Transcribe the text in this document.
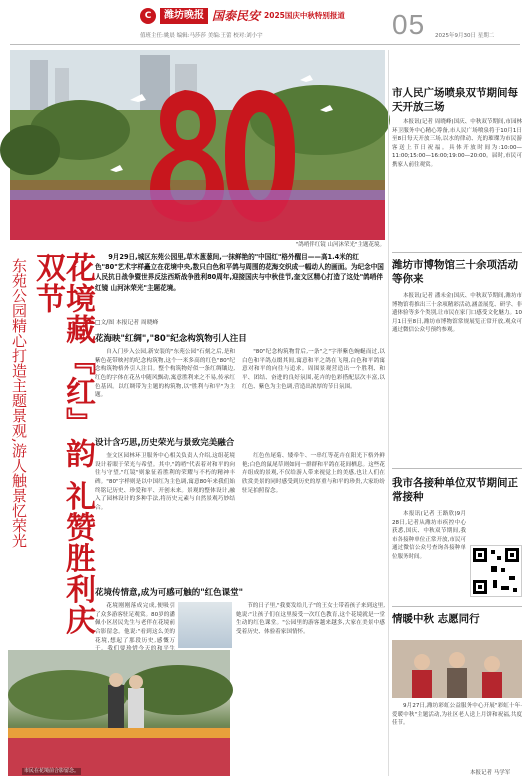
C	潍坊晚报 国泰民安 2025国庆中秋特别报道 05
值班主任:姚晨 编辑:马莎莎 美编:王蕾 校对:刘小宇	2025年9月30日 星期二
"鸽哨伴红镜 山河沐荣光"主题花境。
花境藏『红』韵 礼赞胜利庆双节
东苑公园精心打造主题景观,游人触景忆荣光
9月29日,城区东苑公园里,草木葱葱间,一抹鲜艳的"中国红"格外醒目——高1.4米的红色"80"艺术字样矗立在花境中央,数只白色和平鸽与周围的花海交织成一幅动人的画面。为纪念中国人民抗日战争暨世界反法西斯战争胜利80周年,迎接国庆与中秋佳节,奎文区精心打造了这处"鸽哨伴红镜 山河沐荣光"主题花境。
□文/图 本报记者 周晓峰
花海映"红绸","80"纪念构筑物引人注目
自入门步入公园,新安装的"东苑公园"石刻之后,是和紫色花带映衬的纪念构筑物,这个一米多高的红色"80"纪念构筑物格外引人注目。整个构筑物好似一条红绸镶边,红色的字体在花丛中随风飘动,寓意胜利来之不易,传承红色基因。以红绸带为主题的构筑物,以"胜利与和平"为主题。
"80"纪念构筑物背后,一条"之"字形紫色蜿蜒而过,以白色和平鸽点缀其间,寓意和平之鸽在飞翔,白色和平鸽寓意对和平的向往与追求。周围景观营造出一个胜利、和平、团结、奋进的良好氛围,花卉的色彩搭配层次丰富,以红色、紫色为主色调,营造出浓厚的节日氛围。
设计含巧思,历史荣光与景致完美融合
奎文区园林环卫服务中心相关负责人介绍,这组花境设计着眼于荣光与希望。其中,"鸽哨"代表着对和平的向往与守望,"红镜"则象征着胜利的荣耀与不朽的精神丰碑。"80"字样则是以中国红为主色调,寓意80年来我们始终铭记历史、珍爱和平、开创未来。景观的整体设计,融入了园林设计的多种手法,将历史元素与自然景观巧妙结合。
红色鱼尾菊、矮牵牛、一串红等花卉在阳光下格外鲜艳;白色的鼠尾草则如同一群群和平鸽在花间栖息。这些花卉组成的景观,不仅给游人带来视觉上的美感,也让人们在欣赏美景的同时感受到历史的厚重与和平的珍贵,大家纷纷驻足拍照留念。
花境传情意,成为可感可触的"红色课堂"
花境刚刚落成完成,便吸引了众多游客驻足观赏。80岁的潘佩小区居民先生与老伴在花境前合影留念。他说:"看到这么美的花境,想起了那段历史,感慨万
节的日子里,"我要发给儿子"的王女士带着孩子来到这里,她说:"让孩子们在这里接受一次红色教育,这个花境就是一堂生动的红色课堂。"公园里的游客越来越多,大家在美景中感受着历史、体验着家国情怀。
市民在花境前合影留念。
市人民广场喷泉双节期间每天开放三场
本报讯(记者 周晓峰)国庆、中秋双节期间,市园林环卫服务中心精心筹备,市人民广场喷泉将于10月1日至8日每天开放三场,以水的律动、光的璀璨为市民游客送上节日祝福。具体开放时间为:10:00—11:00;15:00—16:00;19:00—20:00。届时,市民可携家人前往观赏。
潍坊市博物馆三十余项活动等你来
本报讯(记者 潘未金)国庆、中秋双节期间,潍坊市博物馆将推出三十余项精彩活动,涵盖展览、研学、非遗体验等多个类别,让市民在家门口感受文化魅力。10月1日至8日,潍坊市博物馆常规展览正常开放,观众可通过微信公众号预约参观。
我市各接种单位双节期间正常接种
本报讯(记者 王路欣)9月28日,记者从潍坊市疾控中心获悉,国庆、中秋双节期间,我市各接种单位正常开放,市民可通过微信公众号查询各接种单位服务时间。
情暖中秋 志愿同行
9月27日,潍坊彩虹公益服务中心开展"彩虹十年·爱暖中秋"主题活动,为社区老人送上月饼和祝福,共度佳节。
本报记者 马学军
